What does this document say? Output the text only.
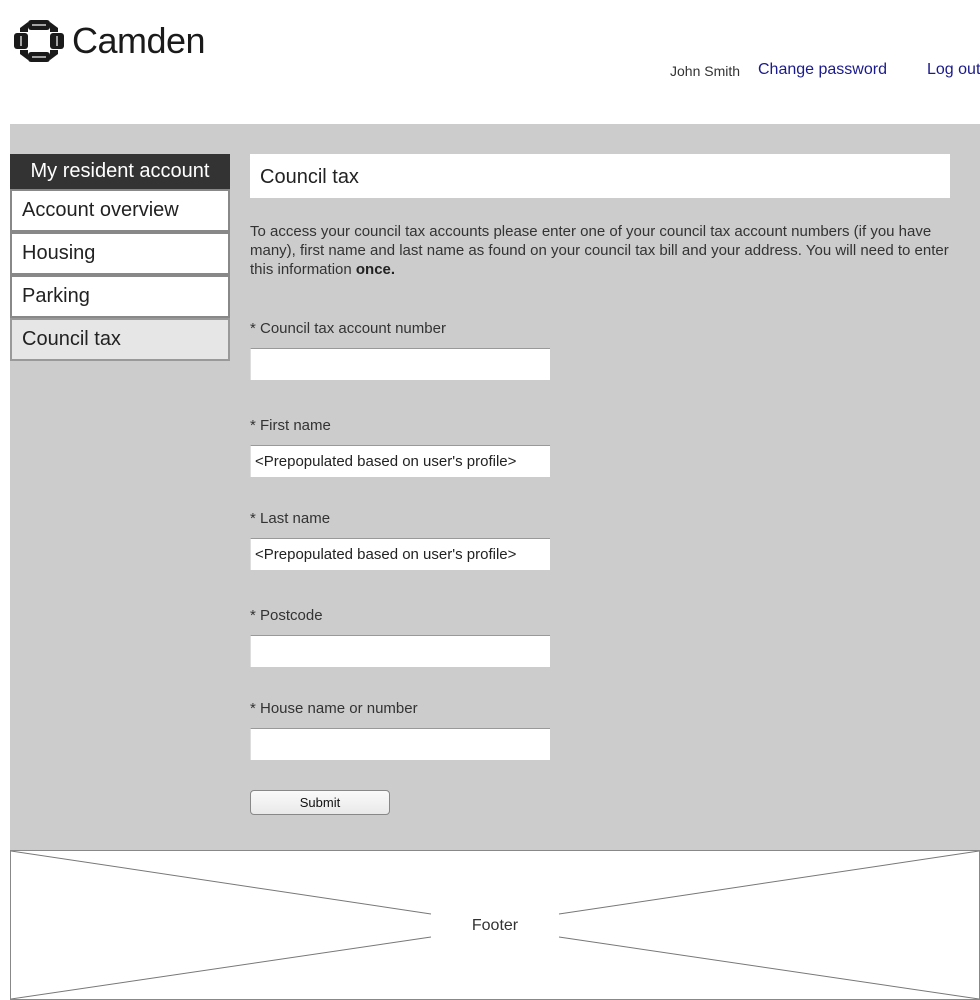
Camden
John Smith Change password	Log out
My resident account
Account overview
Housing
Parking
Council tax
Council tax

To access your council tax accounts please enter one of your council tax account numbers (if you have many), first name and last name as found on your council tax bill and your address. You will need to enter this information once.

* Council tax account number
* First name
<Prepopulated based on user's profile>
* Last name
<Prepopulated based on user's profile>
* Postcode
* House name or number
Submit
Footer
